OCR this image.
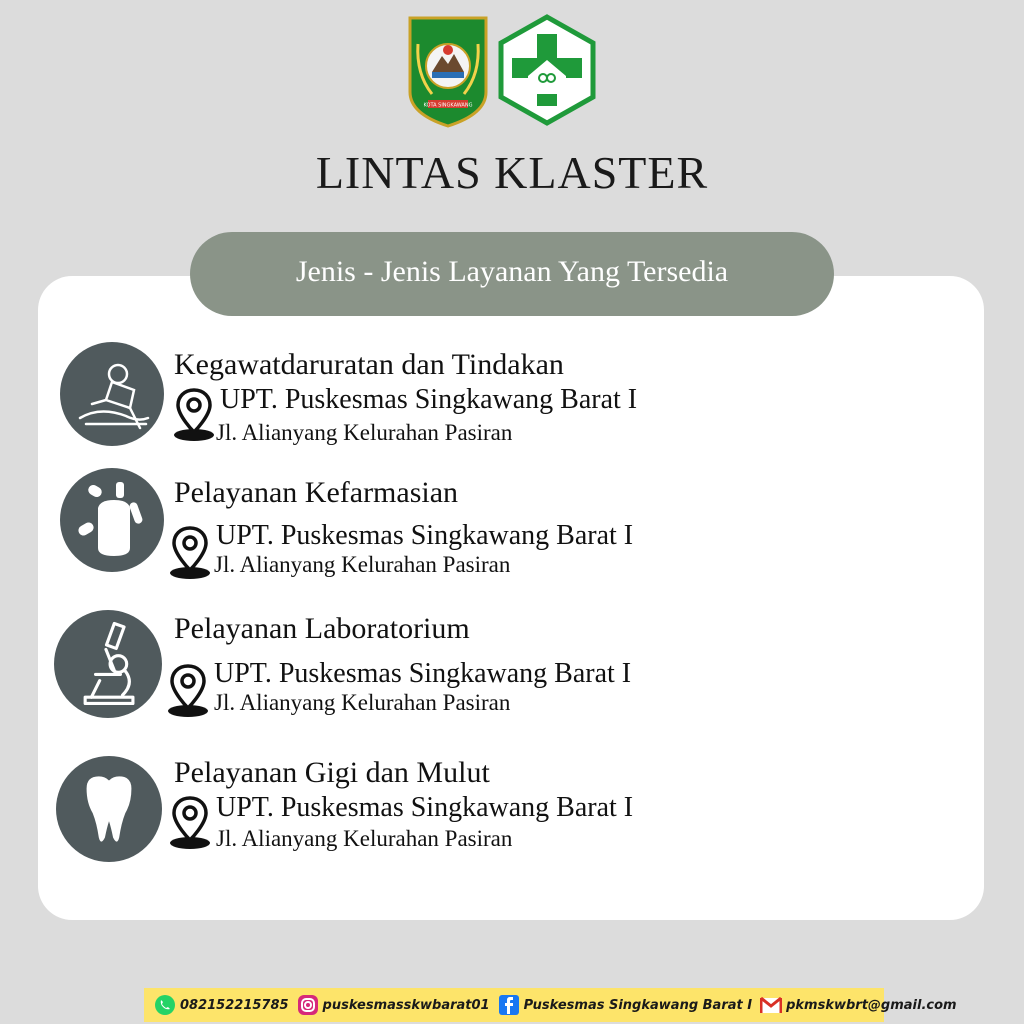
KOTA SINGKAWANG
LINTAS KLASTER
Jenis - Jenis Layanan Yang Tersedia
Kegawatdaruratan dan Tindakan
UPT. Puskesmas Singkawang Barat I
Jl. Alianyang Kelurahan Pasiran
Pelayanan Kefarmasian
UPT. Puskesmas Singkawang Barat I
Jl. Alianyang Kelurahan Pasiran
Pelayanan Laboratorium
UPT. Puskesmas Singkawang Barat I
Jl. Alianyang Kelurahan Pasiran
Pelayanan Gigi dan Mulut
UPT. Puskesmas Singkawang Barat I
Jl. Alianyang Kelurahan Pasiran
082152215785	puskesmasskwbarat01	Puskesmas Singkawang Barat I	pkmskwbrt@gmail.com
